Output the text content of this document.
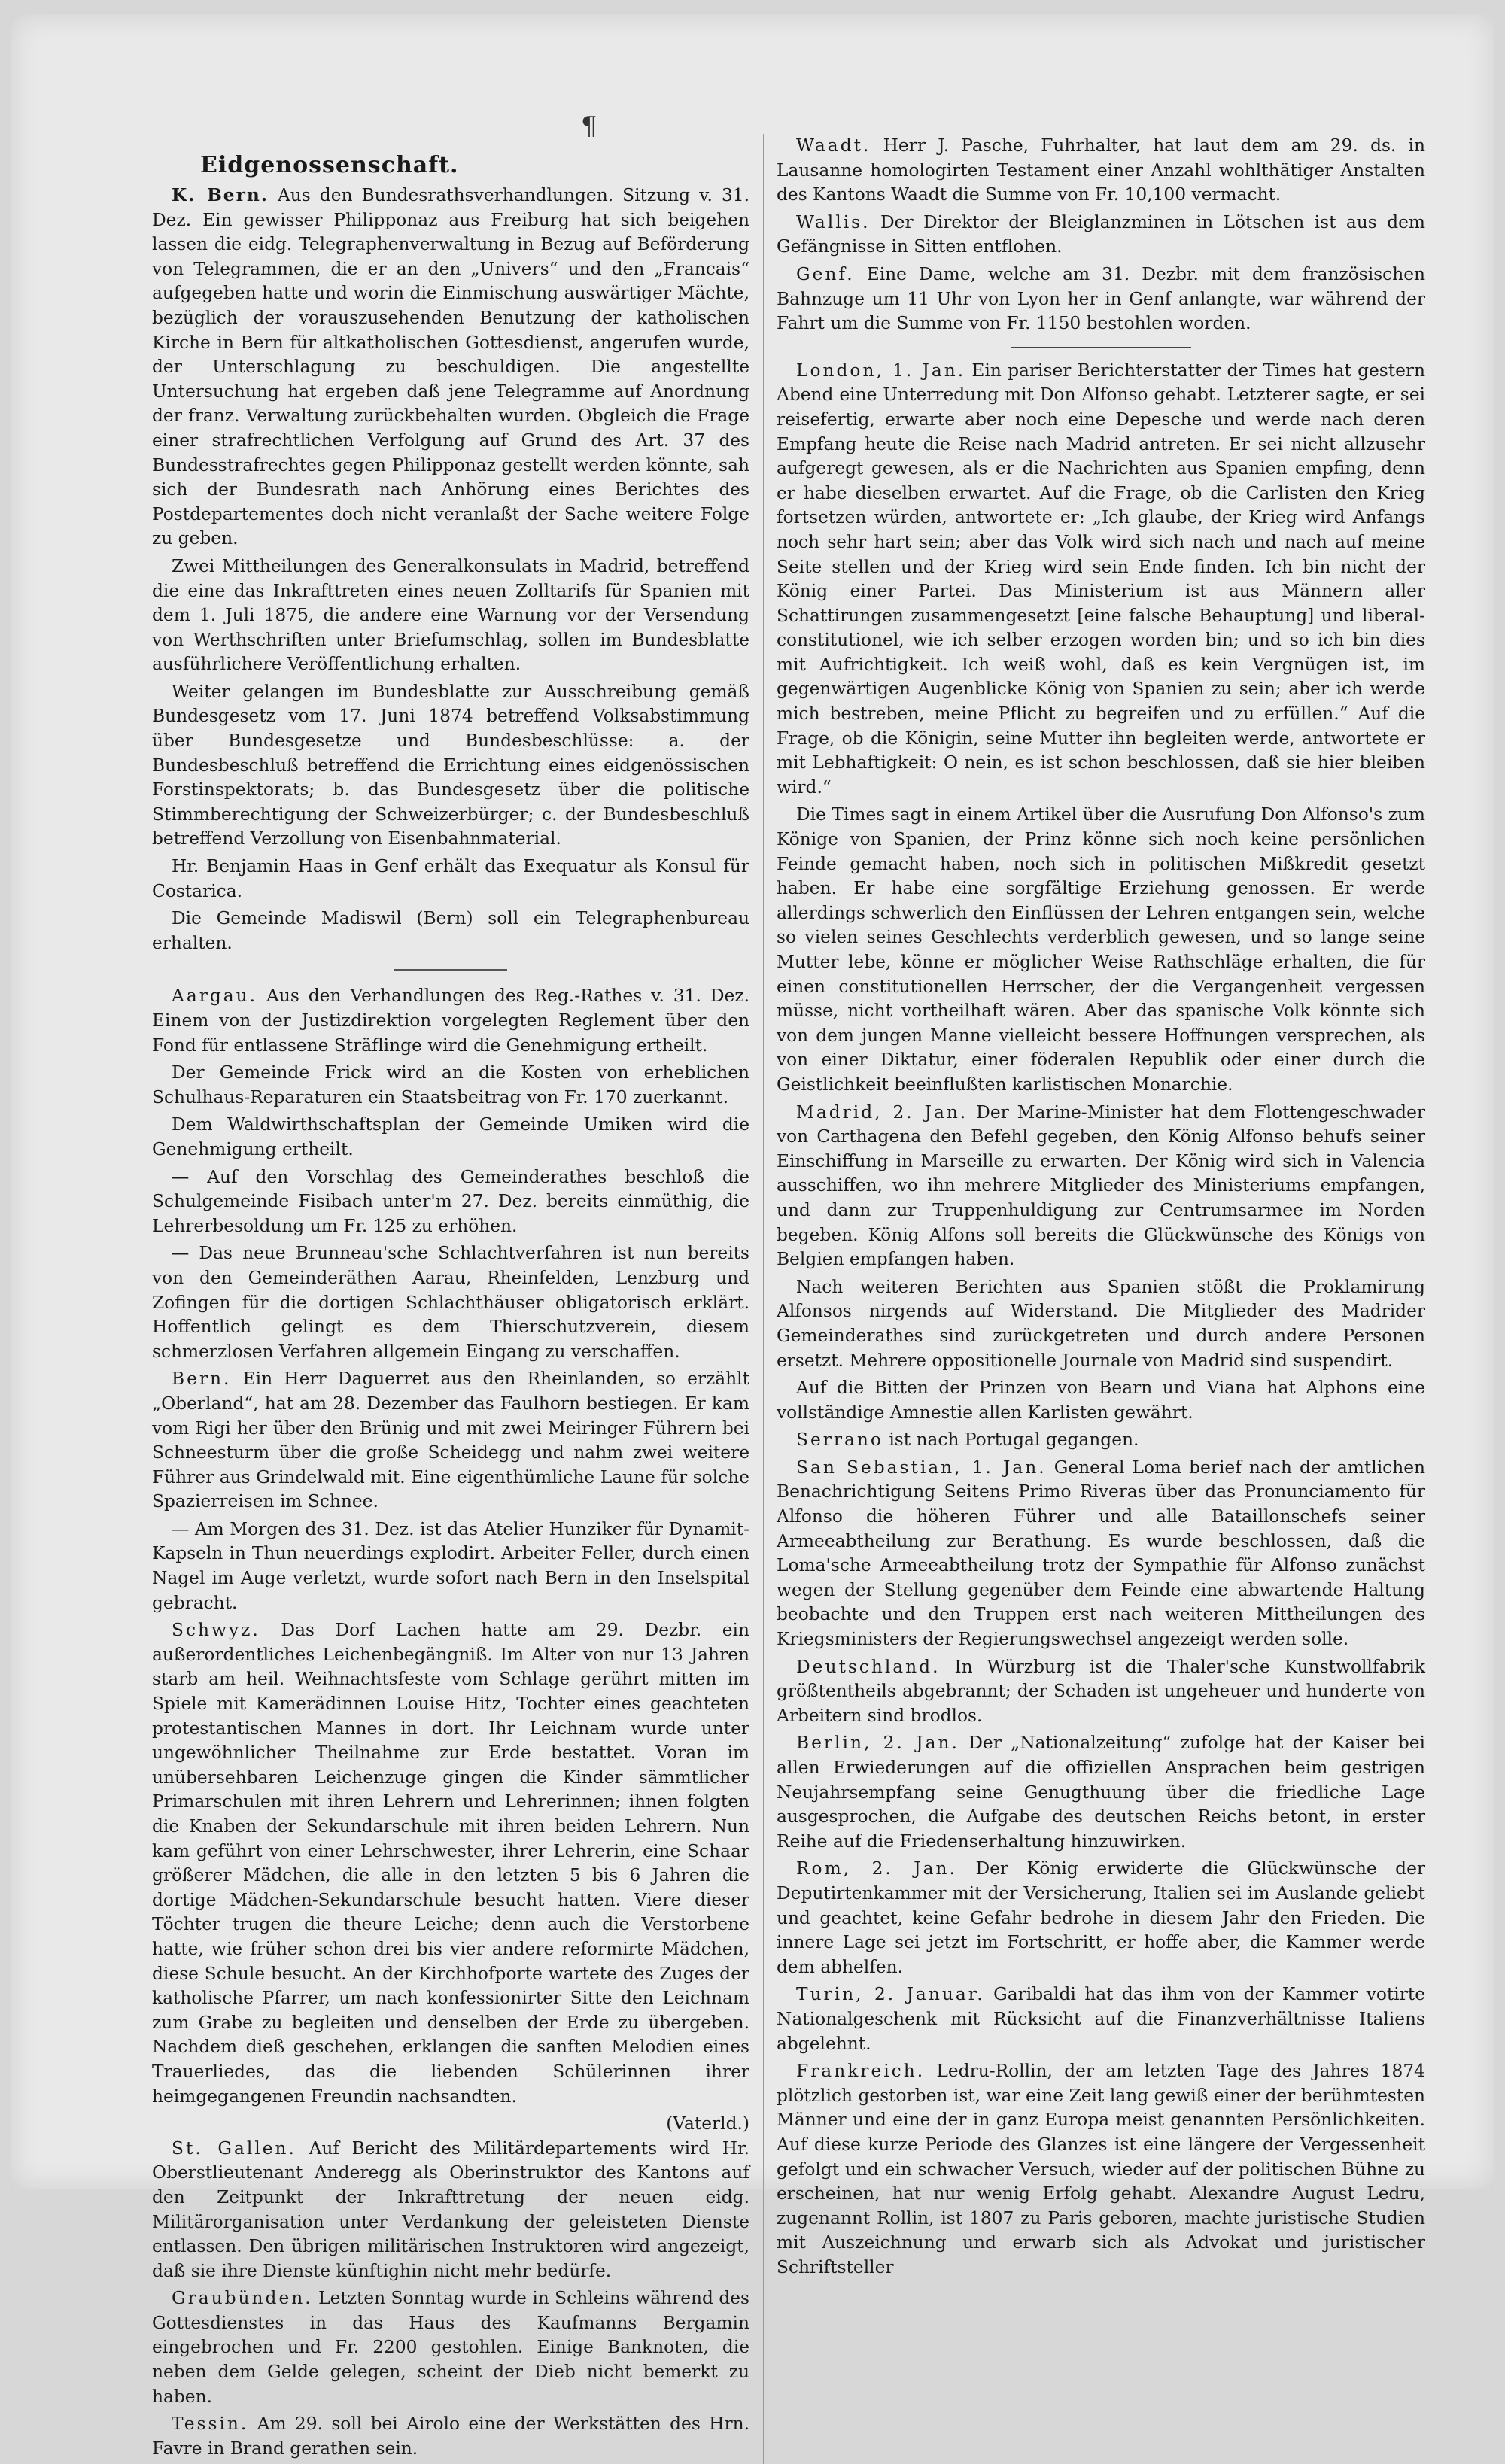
¶
Eidgenossenschaft.

K. Bern. Aus den Bundesrathsverhandlungen. Sitzung v. 31. Dez. Ein gewisser Philipponaz aus Freiburg hat sich beigehen lassen die eidg. Telegraphenverwaltung in Bezug auf Beförderung von Telegrammen, die er an den „Univers“ und den „Francais“ aufgegeben hatte und worin die Einmischung auswärtiger Mächte, bezüglich der vorauszusehenden Benutzung der katholischen Kirche in Bern für altkatholischen Gottesdienst, angerufen wurde, der Unterschlagung zu beschuldigen. Die angestellte Untersuchung hat ergeben daß jene Telegramme auf Anordnung der franz. Verwaltung zurückbehalten wurden. Obgleich die Frage einer strafrechtlichen Verfolgung auf Grund des Art. 37 des Bundesstrafrechtes gegen Philipponaz gestellt werden könnte, sah sich der Bundesrath nach Anhörung eines Berichtes des Postdepartementes doch nicht veranlaßt der Sache weitere Folge zu geben.

Zwei Mittheilungen des Generalkonsulats in Madrid, betreffend die eine das Inkrafttreten eines neuen Zolltarifs für Spanien mit dem 1. Juli 1875, die andere eine Warnung vor der Versendung von Werthschriften unter Briefumschlag, sollen im Bundesblatte ausführlichere Veröffentlichung erhalten.

Weiter gelangen im Bundesblatte zur Ausschreibung gemäß Bundesgesetz vom 17. Juni 1874 betreffend Volksabstimmung über Bundesgesetze und Bundesbeschlüsse: a. der Bundesbeschluß betreffend die Errichtung eines eidgenössischen Forstinspektorats; b. das Bundesgesetz über die politische Stimmberechtigung der Schweizerbürger; c. der Bundesbeschluß betreffend Verzollung von Eisenbahnmaterial.

Hr. Benjamin Haas in Genf erhält das Exequatur als Konsul für Costarica.

Die Gemeinde Madiswil (Bern) soll ein Telegraphenbureau erhalten.

Aargau. Aus den Verhandlungen des Reg.-Rathes v. 31. Dez. Einem von der Justizdirektion vorgelegten Reglement über den Fond für entlassene Sträflinge wird die Genehmigung ertheilt.

Der Gemeinde Frick wird an die Kosten von erheblichen Schulhaus-Reparaturen ein Staatsbeitrag von Fr. 170 zuerkannt.

Dem Waldwirthschaftsplan der Gemeinde Umiken wird die Genehmigung ertheilt.

— Auf den Vorschlag des Gemeinderathes beschloß die Schulgemeinde Fisibach unter'm 27. Dez. bereits einmüthig, die Lehrerbesoldung um Fr. 125 zu erhöhen.

— Das neue Brunneau'sche Schlachtverfahren ist nun bereits von den Gemeinderäthen Aarau, Rheinfelden, Lenzburg und Zofingen für die dortigen Schlachthäuser obligatorisch erklärt. Hoffentlich gelingt es dem Thierschutzverein, diesem schmerzlosen Verfahren allgemein Eingang zu verschaffen.

Bern. Ein Herr Daguerret aus den Rheinlanden, so erzählt „Oberland“, hat am 28. Dezember das Faulhorn bestiegen. Er kam vom Rigi her über den Brünig und mit zwei Meiringer Führern bei Schneesturm über die große Scheidegg und nahm zwei weitere Führer aus Grindelwald mit. Eine eigenthümliche Laune für solche Spazierreisen im Schnee.

— Am Morgen des 31. Dez. ist das Atelier Hunziker für Dynamit-Kapseln in Thun neuerdings explodirt. Arbeiter Feller, durch einen Nagel im Auge verletzt, wurde sofort nach Bern in den Inselspital gebracht.

Schwyz. Das Dorf Lachen hatte am 29. Dezbr. ein außerordentliches Leichenbegängniß. Im Alter von nur 13 Jahren starb am heil. Weihnachtsfeste vom Schlage gerührt mitten im Spiele mit Kamerädinnen Louise Hitz, Tochter eines geachteten protestantischen Mannes in dort. Ihr Leichnam wurde unter ungewöhnlicher Theilnahme zur Erde bestattet. Voran im unübersehbaren Leichenzuge gingen die Kinder sämmtlicher Primarschulen mit ihren Lehrern und Lehrerinnen; ihnen folgten die Knaben der Sekundarschule mit ihren beiden Lehrern. Nun kam geführt von einer Lehrschwester, ihrer Lehrerin, eine Schaar größerer Mädchen, die alle in den letzten 5 bis 6 Jahren die dortige Mädchen-Sekundarschule besucht hatten. Viere dieser Töchter trugen die theure Leiche; denn auch die Verstorbene hatte, wie früher schon drei bis vier andere reformirte Mädchen, diese Schule besucht. An der Kirchhofporte wartete des Zuges der katholische Pfarrer, um nach konfessionirter Sitte den Leichnam zum Grabe zu begleiten und denselben der Erde zu übergeben. Nachdem dieß geschehen, erklangen die sanften Melodien eines Trauerliedes, das die liebenden Schülerinnen ihrer heimgegangenen Freundin nachsandten.

(Vaterld.)

St. Gallen. Auf Bericht des Militärdepartements wird Hr. Oberstlieutenant Anderegg als Oberinstruktor des Kantons auf den Zeitpunkt der Inkrafttretung der neuen eidg. Militärorganisation unter Verdankung der geleisteten Dienste entlassen. Den übrigen militärischen Instruktoren wird angezeigt, daß sie ihre Dienste künftighin nicht mehr bedürfe.

Graubünden. Letzten Sonntag wurde in Schleins während des Gottesdienstes in das Haus des Kaufmanns Bergamin eingebrochen und Fr. 2200 gestohlen. Einige Banknoten, die neben dem Gelde gelegen, scheint der Dieb nicht bemerkt zu haben.

Tessin. Am 29. soll bei Airolo eine der Werkstätten des Hrn. Favre in Brand gerathen sein.

Waadt. Herr J. Pasche, Fuhrhalter, hat laut dem am 29. ds. in Lausanne homologirten Testament einer Anzahl wohlthätiger Anstalten des Kantons Waadt die Summe von Fr. 10,100 vermacht.

Wallis. Der Direktor der Bleiglanzminen in Lötschen ist aus dem Gefängnisse in Sitten entflohen.

Genf. Eine Dame, welche am 31. Dezbr. mit dem französischen Bahnzuge um 11 Uhr von Lyon her in Genf anlangte, war während der Fahrt um die Summe von Fr. 1150 bestohlen worden.

London, 1. Jan. Ein pariser Berichterstatter der Times hat gestern Abend eine Unterredung mit Don Alfonso gehabt. Letzterer sagte, er sei reisefertig, erwarte aber noch eine Depesche und werde nach deren Empfang heute die Reise nach Madrid antreten. Er sei nicht allzusehr aufgeregt gewesen, als er die Nachrichten aus Spanien empfing, denn er habe dieselben erwartet. Auf die Frage, ob die Carlisten den Krieg fortsetzen würden, antwortete er: „Ich glaube, der Krieg wird Anfangs noch sehr hart sein; aber das Volk wird sich nach und nach auf meine Seite stellen und der Krieg wird sein Ende finden. Ich bin nicht der König einer Partei. Das Ministerium ist aus Männern aller Schattirungen zusammengesetzt [eine falsche Behauptung] und liberal-constitutionel, wie ich selber erzogen worden bin; und so ich bin dies mit Aufrichtigkeit. Ich weiß wohl, daß es kein Vergnügen ist, im gegenwärtigen Augenblicke König von Spanien zu sein; aber ich werde mich bestreben, meine Pflicht zu begreifen und zu erfüllen.“ Auf die Frage, ob die Königin, seine Mutter ihn begleiten werde, antwortete er mit Lebhaftigkeit: O nein, es ist schon beschlossen, daß sie hier bleiben wird.“

Die Times sagt in einem Artikel über die Ausrufung Don Alfonso's zum Könige von Spanien, der Prinz könne sich noch keine persönlichen Feinde gemacht haben, noch sich in politischen Mißkredit gesetzt haben. Er habe eine sorgfältige Erziehung genossen. Er werde allerdings schwerlich den Einflüssen der Lehren entgangen sein, welche so vielen seines Geschlechts verderblich gewesen, und so lange seine Mutter lebe, könne er möglicher Weise Rathschläge erhalten, die für einen constitutionellen Herrscher, der die Vergangenheit vergessen müsse, nicht vortheilhaft wären. Aber das spanische Volk könnte sich von dem jungen Manne vielleicht bessere Hoffnungen versprechen, als von einer Diktatur, einer föderalen Republik oder einer durch die Geistlichkeit beeinflußten karlistischen Monarchie.

Madrid, 2. Jan. Der Marine-Minister hat dem Flottengeschwader von Carthagena den Befehl gegeben, den König Alfonso behufs seiner Einschiffung in Marseille zu erwarten. Der König wird sich in Valencia ausschiffen, wo ihn mehrere Mitglieder des Ministeriums empfangen, und dann zur Truppenhuldigung zur Centrumsarmee im Norden begeben. König Alfons soll bereits die Glückwünsche des Königs von Belgien empfangen haben.

Nach weiteren Berichten aus Spanien stößt die Proklamirung Alfonsos nirgends auf Widerstand. Die Mitglieder des Madrider Gemeinderathes sind zurückgetreten und durch andere Personen ersetzt. Mehrere oppositionelle Journale von Madrid sind suspendirt.

Auf die Bitten der Prinzen von Bearn und Viana hat Alphons eine vollständige Amnestie allen Karlisten gewährt.

Serrano ist nach Portugal gegangen.

San Sebastian, 1. Jan. General Loma berief nach der amtlichen Benachrichtigung Seitens Primo Riveras über das Pronunciamento für Alfonso die höheren Führer und alle Bataillonschefs seiner Armeeabtheilung zur Berathung. Es wurde beschlossen, daß die Loma'sche Armeeabtheilung trotz der Sympathie für Alfonso zunächst wegen der Stellung gegenüber dem Feinde eine abwartende Haltung beobachte und den Truppen erst nach weiteren Mittheilungen des Kriegsministers der Regierungswechsel angezeigt werden solle.

Deutschland. In Würzburg ist die Thaler'sche Kunstwollfabrik größtentheils abgebrannt; der Schaden ist ungeheuer und hunderte von Arbeitern sind brodlos.

Berlin, 2. Jan. Der „Nationalzeitung“ zufolge hat der Kaiser bei allen Erwiederungen auf die offiziellen Ansprachen beim gestrigen Neujahrsempfang seine Genugthuung über die friedliche Lage ausgesprochen, die Aufgabe des deutschen Reichs betont, in erster Reihe auf die Friedenserhaltung hinzuwirken.

Rom, 2. Jan. Der König erwiderte die Glückwünsche der Deputirtenkammer mit der Versicherung, Italien sei im Auslande geliebt und geachtet, keine Gefahr bedrohe in diesem Jahr den Frieden. Die innere Lage sei jetzt im Fortschritt, er hoffe aber, die Kammer werde dem abhelfen.

Turin, 2. Januar. Garibaldi hat das ihm von der Kammer votirte Nationalgeschenk mit Rücksicht auf die Finanzverhältnisse Italiens abgelehnt.

Frankreich. Ledru-Rollin, der am letzten Tage des Jahres 1874 plötzlich gestorben ist, war eine Zeit lang gewiß einer der berühmtesten Männer und eine der in ganz Europa meist genannten Persönlichkeiten. Auf diese kurze Periode des Glanzes ist eine längere der Vergessenheit gefolgt und ein schwacher Versuch, wieder auf der politischen Bühne zu erscheinen, hat nur wenig Erfolg gehabt. Alexandre August Ledru, zugenannt Rollin, ist 1807 zu Paris geboren, machte juristische Studien mit Auszeichnung und erwarb sich als Advokat und juristischer Schriftsteller
